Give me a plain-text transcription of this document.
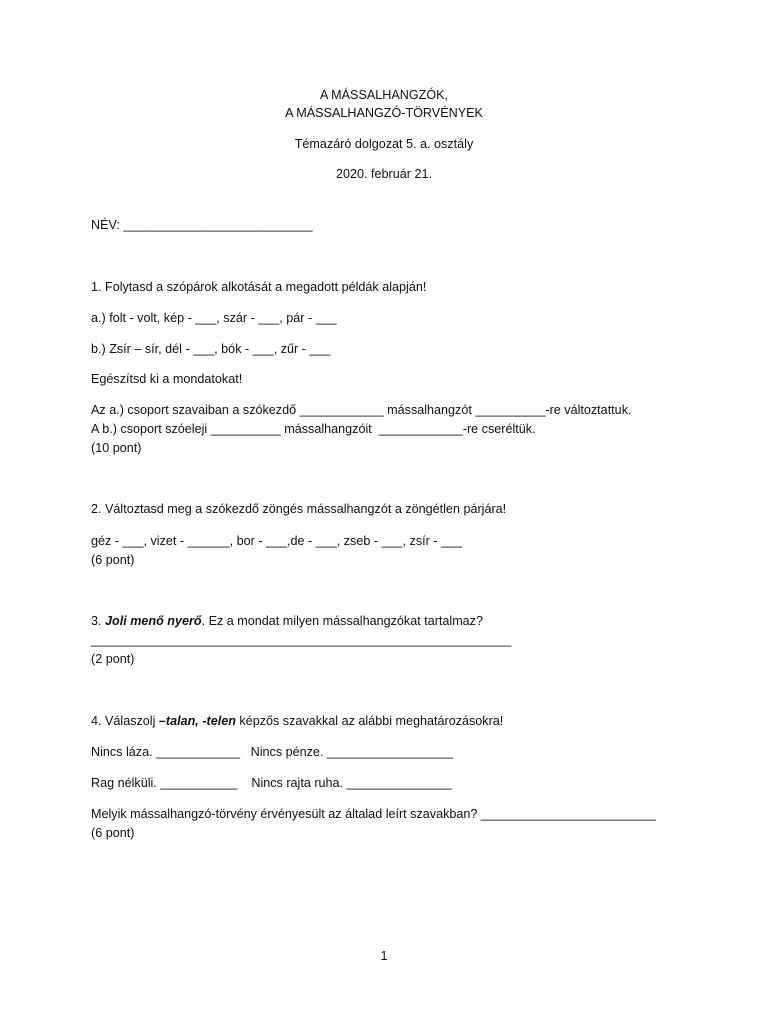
A MÁSSALHANGZÓK,
A MÁSSALHANGZÓ-TÖRVÉNYEK
Témazáró dolgozat 5. a. osztály
2020. február 21.
NÉV: ___________________________
1. Folytasd a szópárok alkotását a megadott példák alapján!
a.) folt - volt, kép - ___, szár - ___, pár - ___
b.) Zsír – sír, dél - ___, bók - ___, zűr - ___
Egészítsd ki a mondatokat!
Az a.) csoport szavaiban a szókezdő ____________ mássalhangzót __________-re változtattuk.
A b.) csoport szóeleji __________ mássalhangzóit  ____________-re cseréltük.
(10 pont)
2. Változtasd meg a szókezdő zöngés mássalhangzót a zöngétlen párjára!
géz - ___, vizet - ______, bor - ___,de - ___, zseb - ___, zsír - ___
(6 pont)
3. Joli menő nyerő. Ez a mondat milyen mássalhangzókat tartalmaz?
____________________________________________________________
(2 pont)
4. Válaszolj –talan, -telen képzős szavakkal az alábbi meghatározásokra!
Nincs láza. ____________   Nincs pénze. __________________
Rag nélküli. ___________    Nincs rajta ruha. _______________
Melyik mássalhangzó-törvény érvényesült az általad leírt szavakban? _________________________
(6 pont)
1
